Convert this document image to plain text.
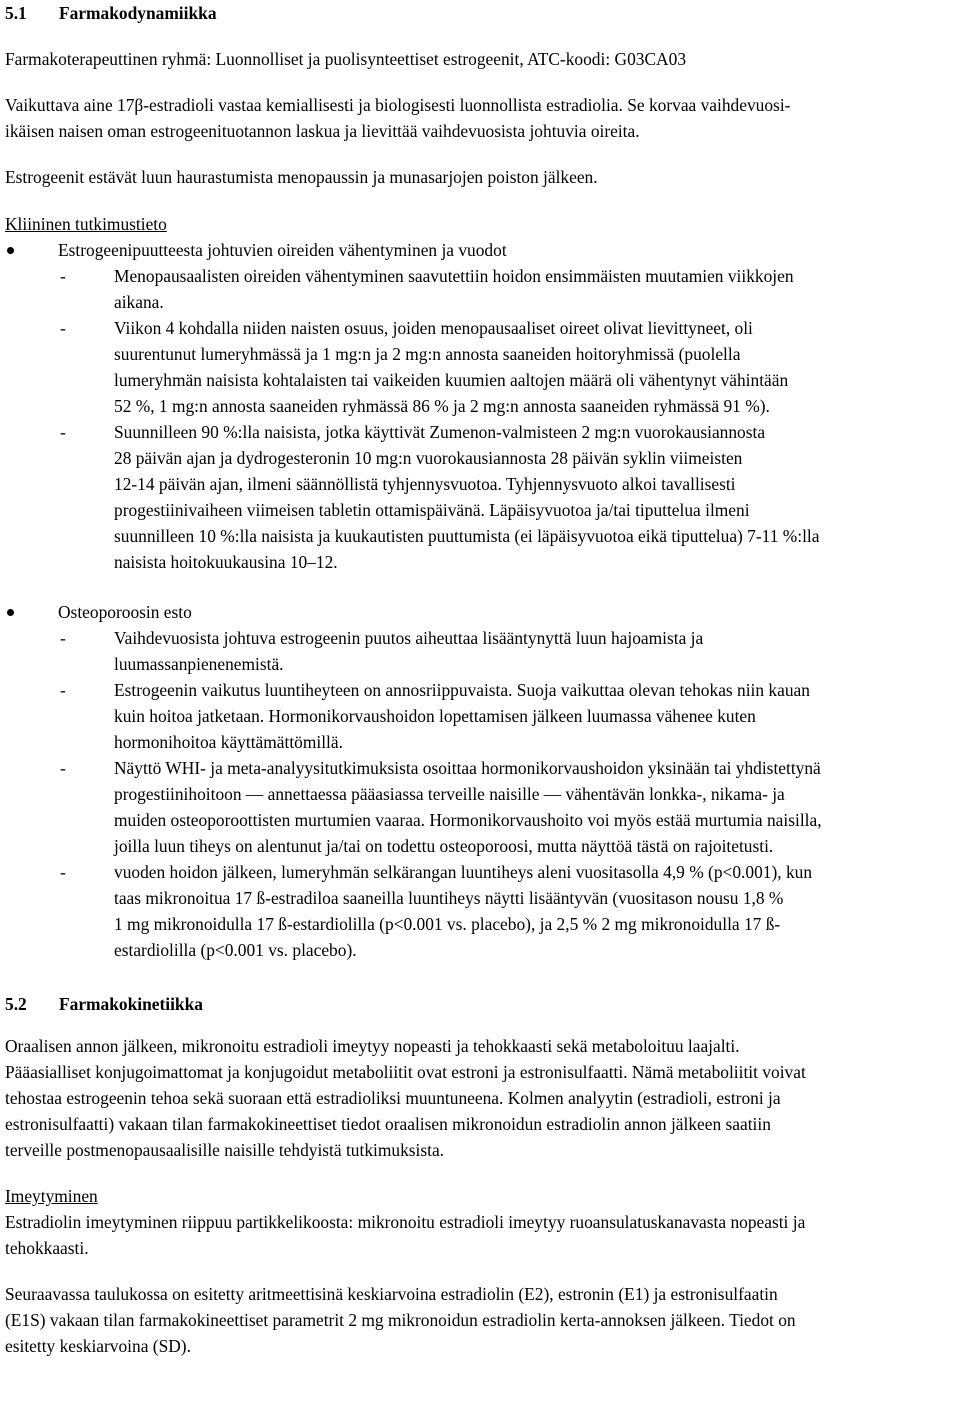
5.1 Farmakodynamiikka

Farmakoterapeuttinen ryhmä: Luonnolliset ja puolisynteettiset estrogeenit, ATC-koodi: G03CA03

Vaikuttava aine 17β-estradioli vastaa kemiallisesti ja biologisesti luonnollista estradiolia. Se korvaa vaihdevuosi-

ikäisen naisen oman estrogeenituotannon laskua ja lievittää vaihdevuosista johtuvia oireita.

Estrogeenit estävät luun haurastumista menopaussin ja munasarjojen poiston jälkeen.

Kliininen tutkimustieto

Estrogeenipuutteesta johtuvien oireiden vähentyminen ja vuodot
-	Menopausaalisten oireiden vähentyminen saavutettiin hoidon ensimmäisten muutamien viikkojen
aikana.
-	Viikon 4 kohdalla niiden naisten osuus, joiden menopausaaliset oireet olivat lievittyneet, oli
suurentunut lumeryhmässä ja 1 mg:n ja 2 mg:n annosta saaneiden hoitoryhmissä (puolella
lumeryhmän naisista kohtalaisten tai vaikeiden kuumien aaltojen määrä oli vähentynyt vähintään
52 %, 1 mg:n annosta saaneiden ryhmässä 86 % ja 2 mg:n annosta saaneiden ryhmässä 91 %).
-	Suunnilleen 90 %:lla naisista, jotka käyttivät Zumenon-valmisteen 2 mg:n vuorokausiannosta
28 päivän ajan ja dydrogesteronin 10 mg:n vuorokausiannosta 28 päivän syklin viimeisten
12-14 päivän ajan, ilmeni säännöllistä tyhjennysvuotoa. Tyhjennysvuoto alkoi tavallisesti
progestiinivaiheen viimeisen tabletin ottamispäivänä. Läpäisyvuotoa ja/tai tiputtelua ilmeni
suunnilleen 10 %:lla naisista ja kuukautisten puuttumista (ei läpäisyvuotoa eikä tiputtelua) 7-11 %:lla
naisista hoitokuukausina 10–12.
Osteoporoosin esto
-	Vaihdevuosista johtuva estrogeenin puutos aiheuttaa lisääntynyttä luun hajoamista ja
luumassanpienenemistä.
-	Estrogeenin vaikutus luuntiheyteen on annosriippuvaista. Suoja vaikuttaa olevan tehokas niin kauan
kuin hoitoa jatketaan. Hormonikorvaushoidon lopettamisen jälkeen luumassa vähenee kuten
hormonihoitoa käyttämättömillä.
-	Näyttö WHI- ja meta-analyysitutkimuksista osoittaa hormonikorvaushoidon yksinään tai yhdistettynä
progestiinihoitoon — annettaessa pääasiassa terveille naisille — vähentävän lonkka-, nikama- ja
muiden osteoporoottisten murtumien vaaraa. Hormonikorvaushoito voi myös estää murtumia naisilla,
joilla luun tiheys on alentunut ja/tai on todettu osteoporoosi, mutta näyttöä tästä on rajoitetusti.
-	vuoden hoidon jälkeen, lumeryhmän selkärangan luuntiheys aleni vuositasolla 4,9 % (p<0.001), kun
taas mikronoitua 17 ß-estradiloa saaneilla luuntiheys näytti lisääntyvän (vuositason nousu 1,8 %
1 mg mikronoidulla 17 ß-estardiolilla (p<0.001 vs. placebo), ja 2,5 % 2 mg mikronoidulla 17 ß-
estardiolilla (p<0.001 vs. placebo).
5.2 Farmakokinetiikka

Oraalisen annon jälkeen, mikronoitu estradioli imeytyy nopeasti ja tehokkaasti sekä metaboloituu laajalti.

Pääasialliset konjugoimattomat ja konjugoidut metaboliitit ovat estroni ja estronisulfaatti. Nämä metaboliitit voivat

tehostaa estrogeenin tehoa sekä suoraan että estradioliksi muuntuneena. Kolmen analyytin (estradioli, estroni ja

estronisulfaatti) vakaan tilan farmakokineettiset tiedot oraalisen mikronoidun estradiolin annon jälkeen saatiin

terveille postmenopausaalisille naisille tehdyistä tutkimuksista.

Imeytyminen

Estradiolin imeytyminen riippuu partikkelikoosta: mikronoitu estradioli imeytyy ruoansulatuskanavasta nopeasti ja

tehokkaasti.

Seuraavassa taulukossa on esitetty aritmeettisinä keskiarvoina estradiolin (E2), estronin (E1) ja estronisulfaatin

(E1S) vakaan tilan farmakokineettiset parametrit 2 mg mikronoidun estradiolin kerta-annoksen jälkeen. Tiedot on

esitetty keskiarvoina (SD).
